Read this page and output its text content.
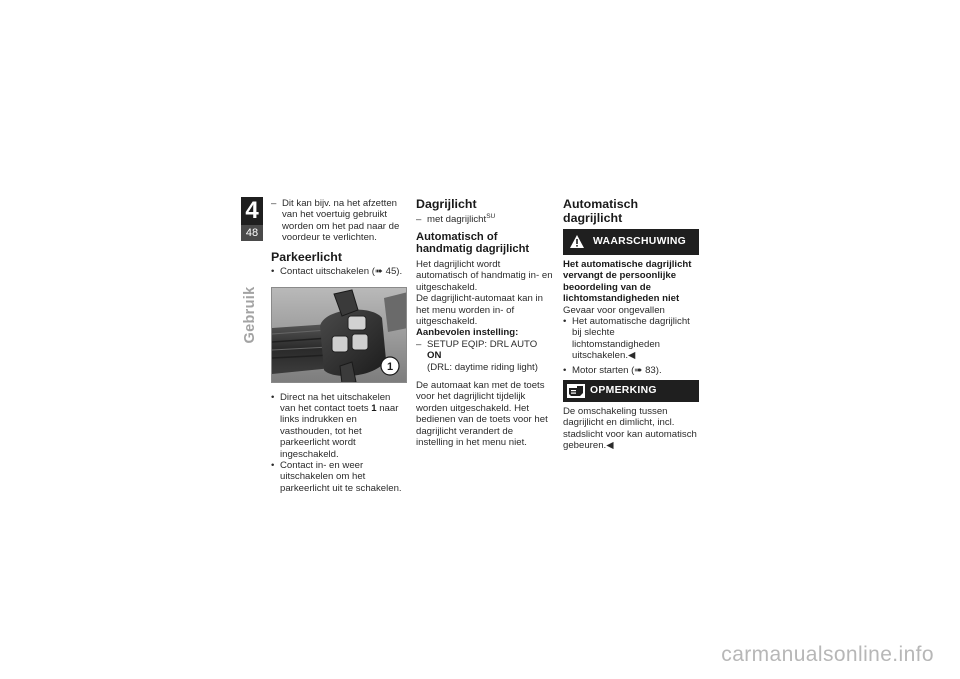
4
48
Gebruik

– Dit kan bijv. na het afzetten van het voertuig gebruikt worden om het pad naar de voordeur te verlichten.

Parkeerlicht

• Contact uitschakelen (➠ 45).

1

• Direct na het uitschakelen van het contact toets 1 naar links indrukken en vasthouden, tot het parkeerlicht wordt ingeschakeld.

• Contact in- en weer uitschakelen om het parkeerlicht uit te schakelen.

Dagrijlicht

– met dagrijlicht$^{SU}$

Automatisch of handmatig dagrijlicht

Het dagrijlicht wordt automatisch of handmatig in- en uitgeschakeld.

De dagrijlicht-automaat kan in het menu worden in- of uitgeschakeld.

Aanbevolen instelling:

– SETUP EQIP: DRL AUTO ON
(DRL: daytime riding light)

De automaat kan met de toets voor het dagrijlicht tijdelijk worden uitgeschakeld. Het bedienen van de toets voor het dagrijlicht verandert de instelling in het menu niet.

Automatisch dagrijlicht
WAARSCHUWING

Het automatische dagrijlicht vervangt de persoonlijke beoordeling van de lichtomstandigheden niet

Gevaar voor ongevallen

• Het automatische dagrijlicht bij slechte lichtomstandigheden uitschakelen.◀

• Motor starten (➠ 83).

OPMERKING

De omschakeling tussen dagrijlicht en dimlicht, incl. stadslicht voor kan automatisch gebeuren.◀

carmanualsonline.info
